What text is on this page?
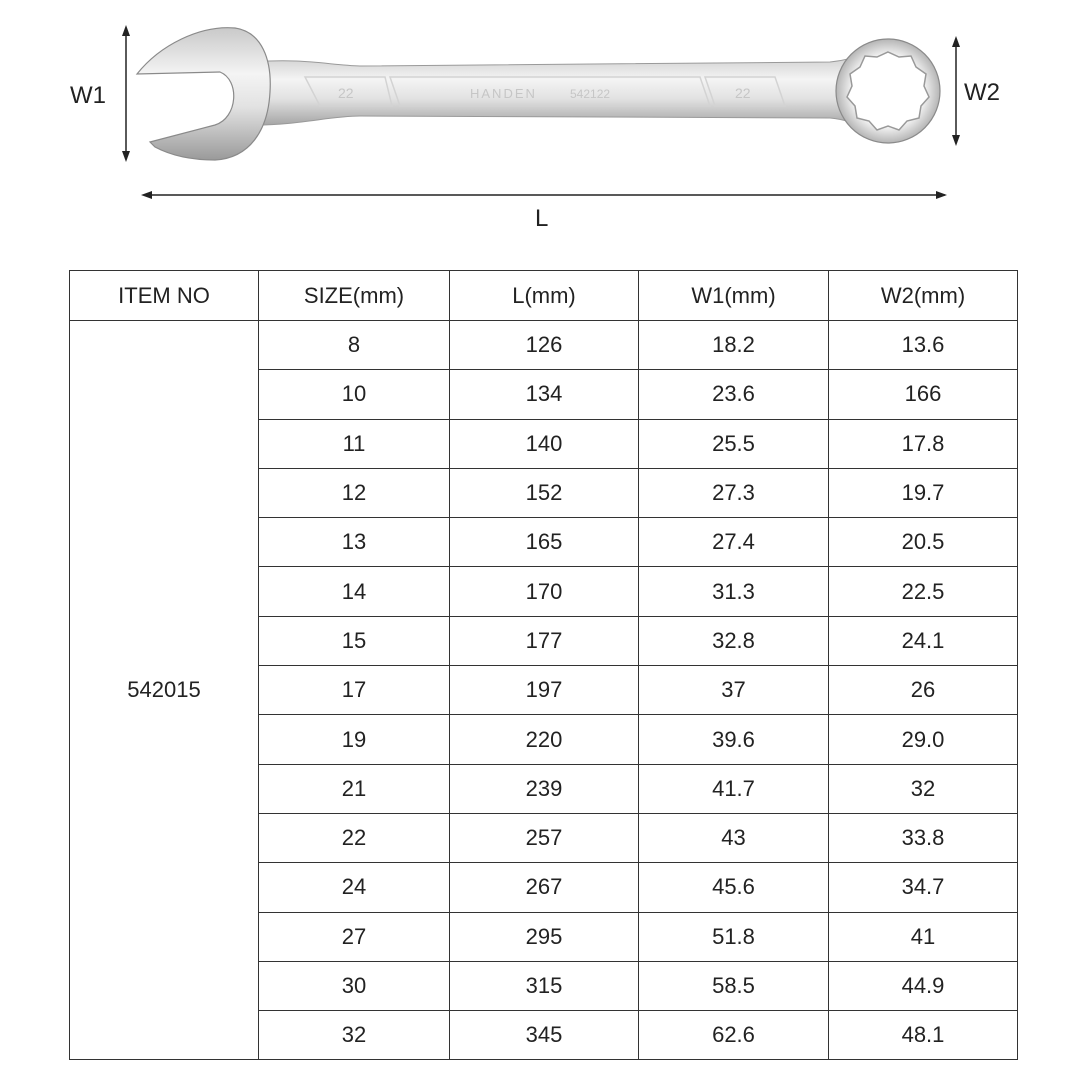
22	HANDEN	542122	22
W1	W2
L
ITEM NO	SIZE(mm)	L(mm)	W1(mm)	W2(mm)
542015	8	126	18.2	13.6
	10	134	23.6	166
	11	140	25.5	17.8
	12	152	27.3	19.7
	13	165	27.4	20.5
	14	170	31.3	22.5
	15	177	32.8	24.1
	17	197	37	26
	19	220	39.6	29.0
	21	239	41.7	32
	22	257	43	33.8
	24	267	45.6	34.7
	27	295	51.8	41
	30	315	58.5	44.9
	32	345	62.6	48.1
